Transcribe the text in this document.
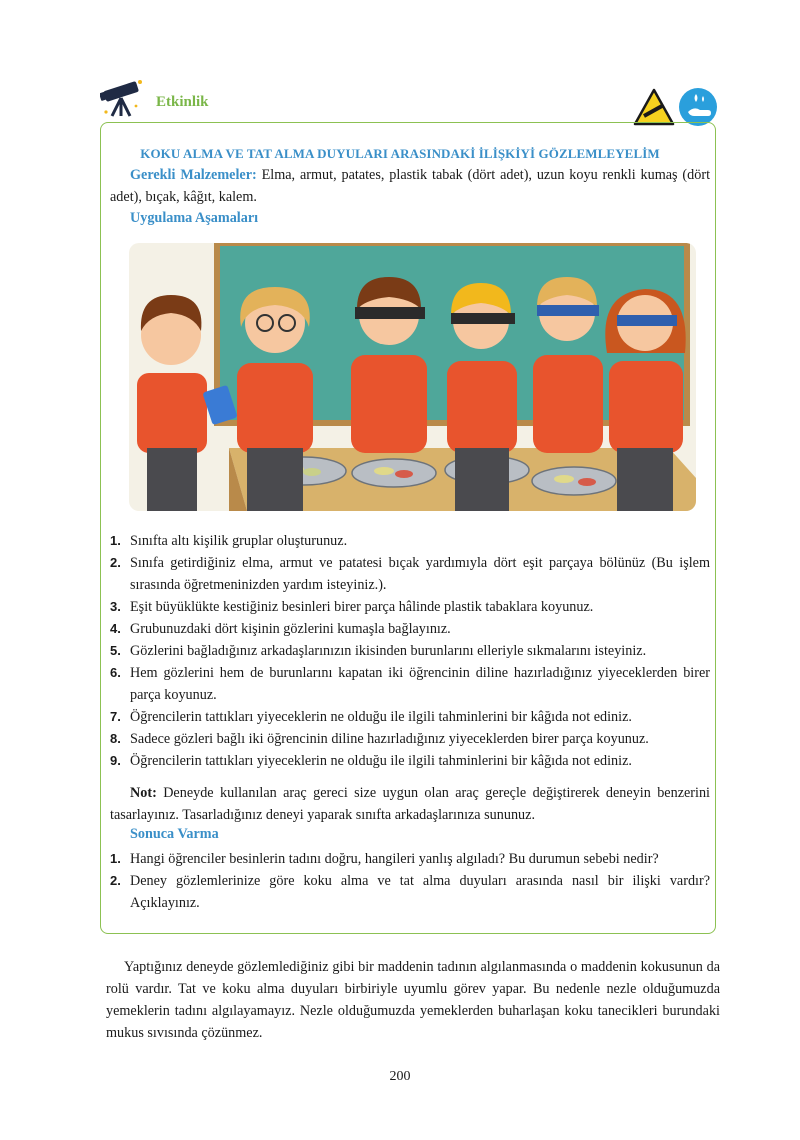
Etkinlik
KOKU ALMA VE TAT ALMA DUYULARI ARASINDAKİ İLİŞKİYİ GÖZLEMLEYELİM
Gerekli Malzemeler: Elma, armut, patates, plastik tabak (dört adet), uzun koyu renkli kumaş (dört adet), bıçak, kâğıt, kalem.
Uygulama Aşamaları
1. Sınıfta altı kişilik gruplar oluşturunuz.
2. Sınıfa getirdiğiniz elma, armut ve patatesi bıçak yardımıyla dört eşit parçaya bölünüz (Bu işlem sırasında öğretmeninizden yardım isteyiniz.).
3. Eşit büyüklükte kestiğiniz besinleri birer parça hâlinde plastik tabaklara koyunuz.
4. Grubunuzdaki dört kişinin gözlerini kumaşla bağlayınız.
5. Gözlerini bağladığınız arkadaşlarınızın ikisinden burunlarını elleriyle sıkmalarını isteyiniz.
6. Hem gözlerini hem de burunlarını kapatan iki öğrencinin diline hazırladığınız yiyeceklerden birer parça koyunuz.
7. Öğrencilerin tattıkları yiyeceklerin ne olduğu ile ilgili tahminlerini bir kâğıda not ediniz.
8. Sadece gözleri bağlı iki öğrencinin diline hazırladığınız yiyeceklerden birer parça koyunuz.
9. Öğrencilerin tattıkları yiyeceklerin ne olduğu ile ilgili tahminlerini bir kâğıda not ediniz.
Not: Deneyde kullanılan araç gereci size uygun olan araç gereçle değiştirerek deneyin benzerini tasarlayınız. Tasarladığınız deneyi yaparak sınıfta arkadaşlarınıza sununuz.
Sonuca Varma
1. Hangi öğrenciler besinlerin tadını doğru, hangileri yanlış algıladı? Bu durumun sebebi nedir?
2. Deney gözlemlerinize göre koku alma ve tat alma duyuları arasında nasıl bir ilişki vardır? Açıklayınız.
Yaptığınız deneyde gözlemlediğiniz gibi bir maddenin tadının algılanmasında o maddenin kokusunun da rolü vardır. Tat ve koku alma duyuları birbiriyle uyumlu görev yapar. Bu nedenle nezle olduğumuzda yemeklerin tadını algılayamayız. Nezle olduğumuzda yemeklerden buharlaşan koku tanecikleri burundaki mukus sıvısında çözünmez.
200
